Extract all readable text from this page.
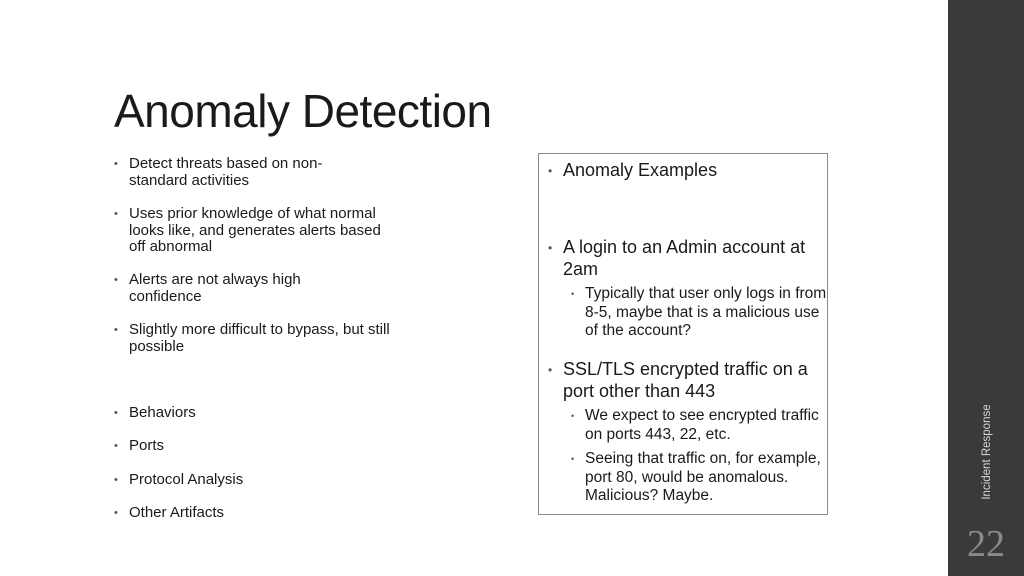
Anomaly Detection
• Detect threats based on non-standard activities
• Uses prior knowledge of what normal looks like, and generates alerts based off abnormal
• Alerts are not always high confidence
• Slightly more difficult to bypass, but still possible
• Behaviors
• Ports
• Protocol Analysis
• Other Artifacts
• Anomaly Examples
• A login to an Admin account at 2am
• Typically that user only logs in from 8-5, maybe that is a malicious use of the account?
• SSL/TLS encrypted traffic on a port other than 443
• We expect to see encrypted traffic on ports 443, 22, etc.
• Seeing that traffic on, for example, port 80, would be anomalous. Malicious? Maybe.	Incident Response
22
